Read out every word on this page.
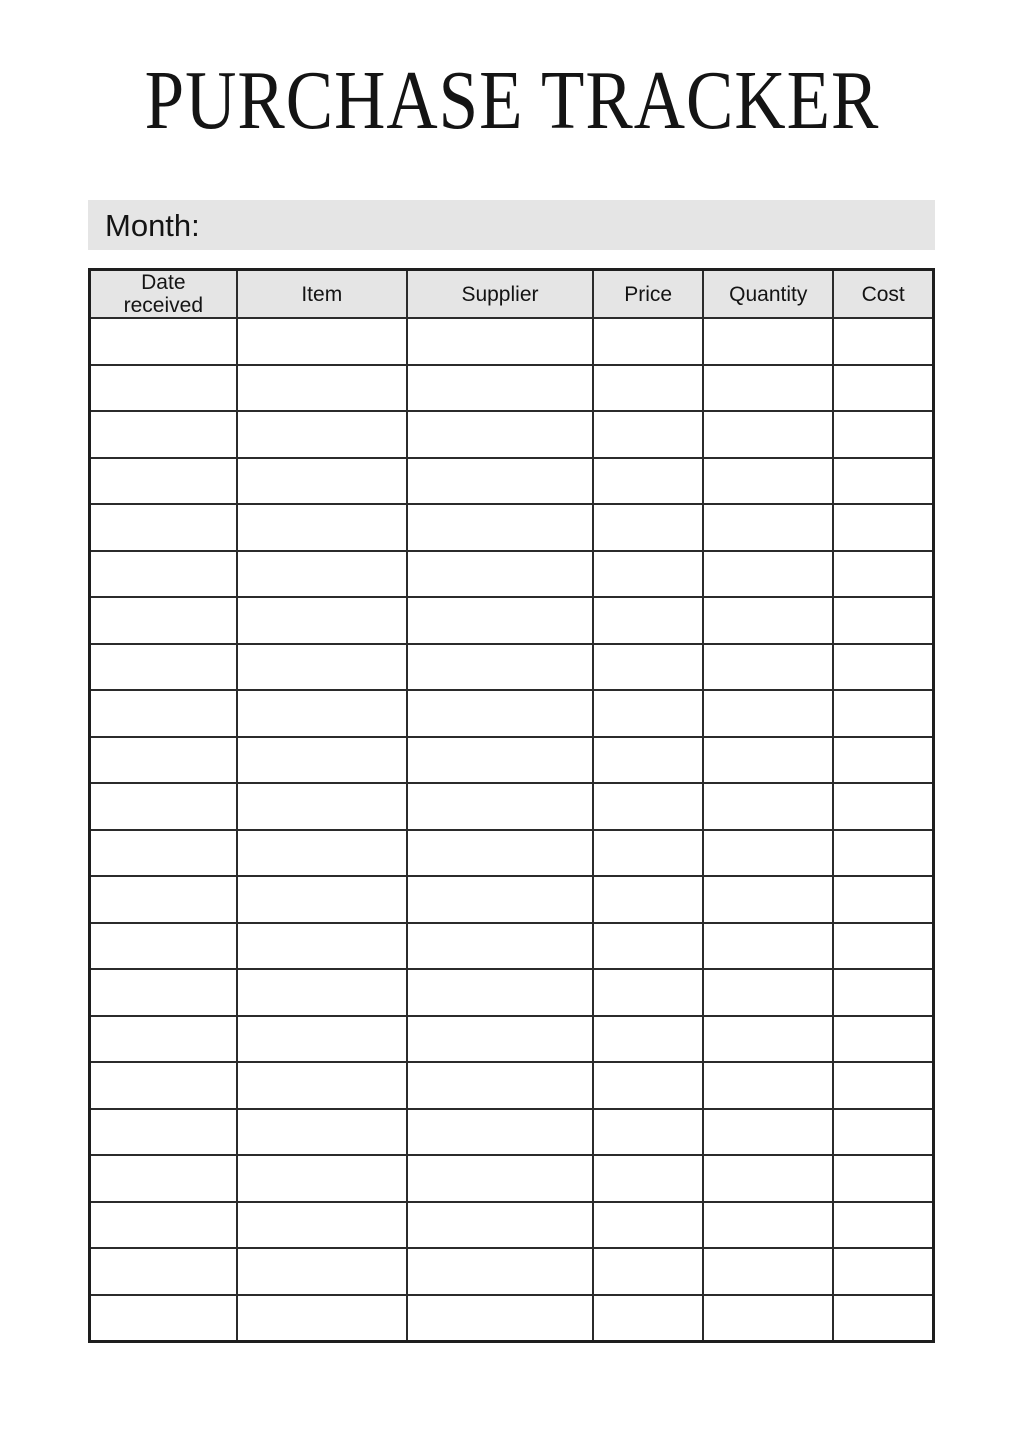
PURCHASE TRACKER
Month:
Date received	Item	Supplier	Price	Quantity	Cost
